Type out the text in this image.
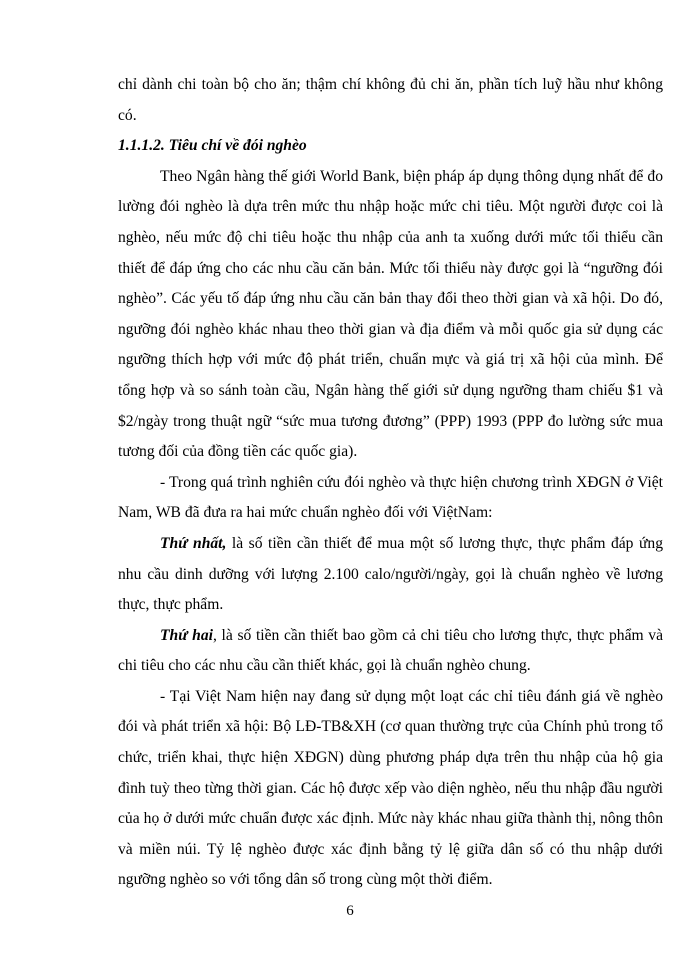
chỉ dành chi toàn bộ cho ăn; thậm chí không đủ chi ăn, phần tích luỹ hầu như không có.

1.1.1.2. Tiêu chí về đói nghèo

Theo Ngân hàng thế giới World Bank, biện pháp áp dụng thông dụng nhất để đo lường đói nghèo là dựa trên mức thu nhập hoặc mức chi tiêu. Một người được coi là nghèo, nếu mức độ chi tiêu hoặc thu nhập của anh ta xuống dưới mức tối thiểu cần thiết để đáp ứng cho các nhu cầu căn bản. Mức tối thiểu này được gọi là “ngưỡng đói nghèo”. Các yếu tố đáp ứng nhu cầu căn bản thay đổi theo thời gian và xã hội. Do đó, ngưỡng đói nghèo khác nhau theo thời gian và địa điểm và mỗi quốc gia sử dụng các ngưỡng thích hợp với mức độ phát triển, chuẩn mực và giá trị xã hội của mình. Để tổng hợp và so sánh toàn cầu, Ngân hàng thế giới sử dụng ngưỡng tham chiếu $1 và $2/ngày trong thuật ngữ “sức mua tương đương” (PPP) 1993 (PPP đo lường sức mua tương đối của đồng tiền các quốc gia).

- Trong quá trình nghiên cứu đói nghèo và thực hiện chương trình XĐGN ở Việt Nam, WB đã đưa ra hai mức chuẩn nghèo đối với ViệtNam:

Thứ nhất, là số tiền cần thiết để mua một số lương thực, thực phẩm đáp ứng nhu cầu dinh dưỡng với lượng 2.100 calo/người/ngày, gọi là chuẩn nghèo về lương thực, thực phẩm.

Thứ hai, là số tiền cần thiết bao gồm cả chi tiêu cho lương thực, thực phẩm và chi tiêu cho các nhu cầu cần thiết khác, gọi là chuẩn nghèo chung.

- Tại Việt Nam hiện nay đang sử dụng một loạt các chỉ tiêu đánh giá về nghèo đói và phát triển xã hội: Bộ LĐ-TB&XH (cơ quan thường trực của Chính phủ trong tổ chức, triển khai, thực hiện XĐGN) dùng phương pháp dựa trên thu nhập của hộ gia đình tuỳ theo từng thời gian. Các hộ được xếp vào diện nghèo, nếu thu nhập đầu người của họ ở dưới mức chuẩn được xác định. Mức này khác nhau giữa thành thị, nông thôn và miền núi. Tỷ lệ nghèo được xác định bằng tỷ lệ giữa dân số có thu nhập dưới ngưỡng nghèo so với tổng dân số trong cùng một thời điểm.

6
